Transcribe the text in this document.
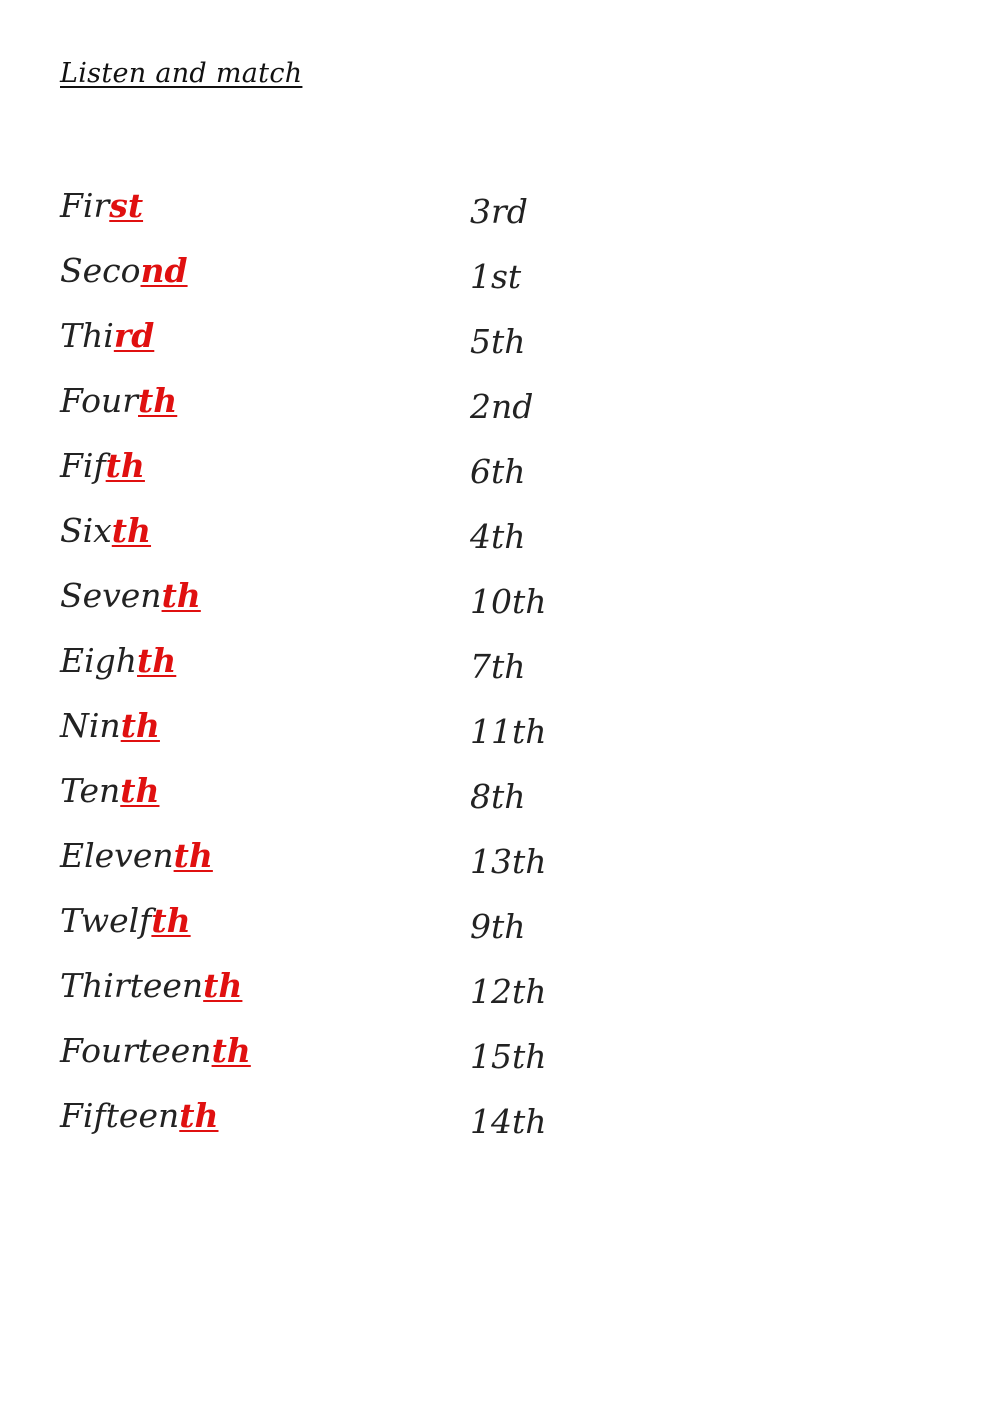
Listen and match
First	3rd
Second	1st
Third	5th
Fourth	2nd
Fifth	6th
Sixth	4th
Seventh	10th
Eighth	7th
Ninth	11th
Tenth	8th
Eleventh	13th
Twelfth	9th
Thirteenth	12th
Fourteenth	15th
Fifteenth	14th
